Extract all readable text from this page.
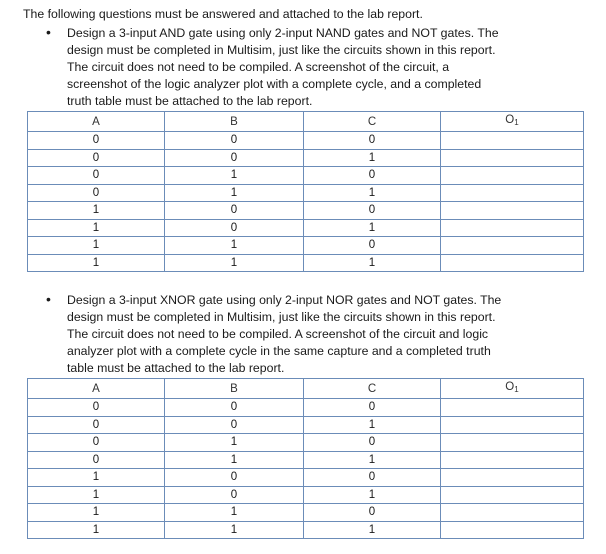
The following questions must be answered and attached to the lab report.
• Design a 3-input AND gate using only 2-input NAND gates and NOT gates. The
design must be completed in Multisim, just like the circuits shown in this report.
The circuit does not need to be compiled. A screenshot of the circuit, a
screenshot of the logic analyzer plot with a complete cycle, and a completed
truth table must be attached to the lab report.
A	B	C	$O_1$
0	0	0	
0	0	1	
0	1	0	
0	1	1	
1	0	0	
1	0	1	
1	1	0	
1	1	1	
• Design a 3-input XNOR gate using only 2-input NOR gates and NOT gates. The
design must be completed in Multisim, just like the circuits shown in this report.
The circuit does not need to be compiled. A screenshot of the circuit and logic
analyzer plot with a complete cycle in the same capture and a completed truth
table must be attached to the lab report.
A	B	C	$O_1$
0	0	0	
0	0	1	
0	1	0	
0	1	1	
1	0	0	
1	0	1	
1	1	0	
1	1	1	
